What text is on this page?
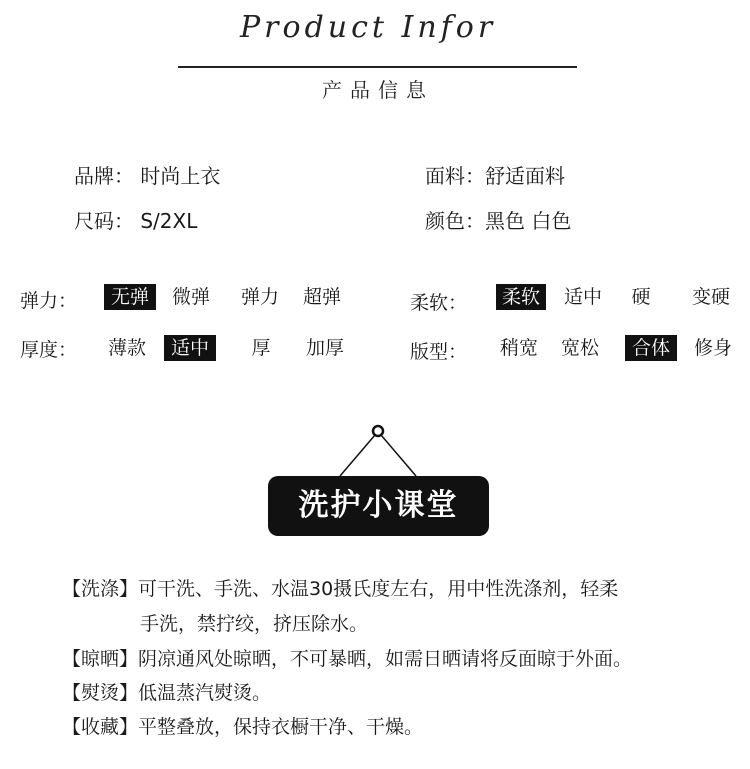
Product Infor
产品信息
品牌： 时尚上衣	面料：舒适面料
尺码： S/2XL	颜色：黑色 白色
弹力：	无弹	微弹 弹力 超弹	柔软：	柔软	适中 硬 变硬
厚度： 薄款	适中	厚 加厚	版型： 稍宽 宽松	合体	修身
洗护小课堂
【洗涤】可干洗、手洗、水温30摄氏度左右，用中性洗涤剂，轻柔
手洗，禁拧绞，挤压除水。
【晾晒】阴凉通风处晾晒，不可暴晒，如需日晒请将反面晾于外面。
【熨烫】低温蒸汽熨烫。
【收藏】平整叠放，保持衣橱干净、干燥。
